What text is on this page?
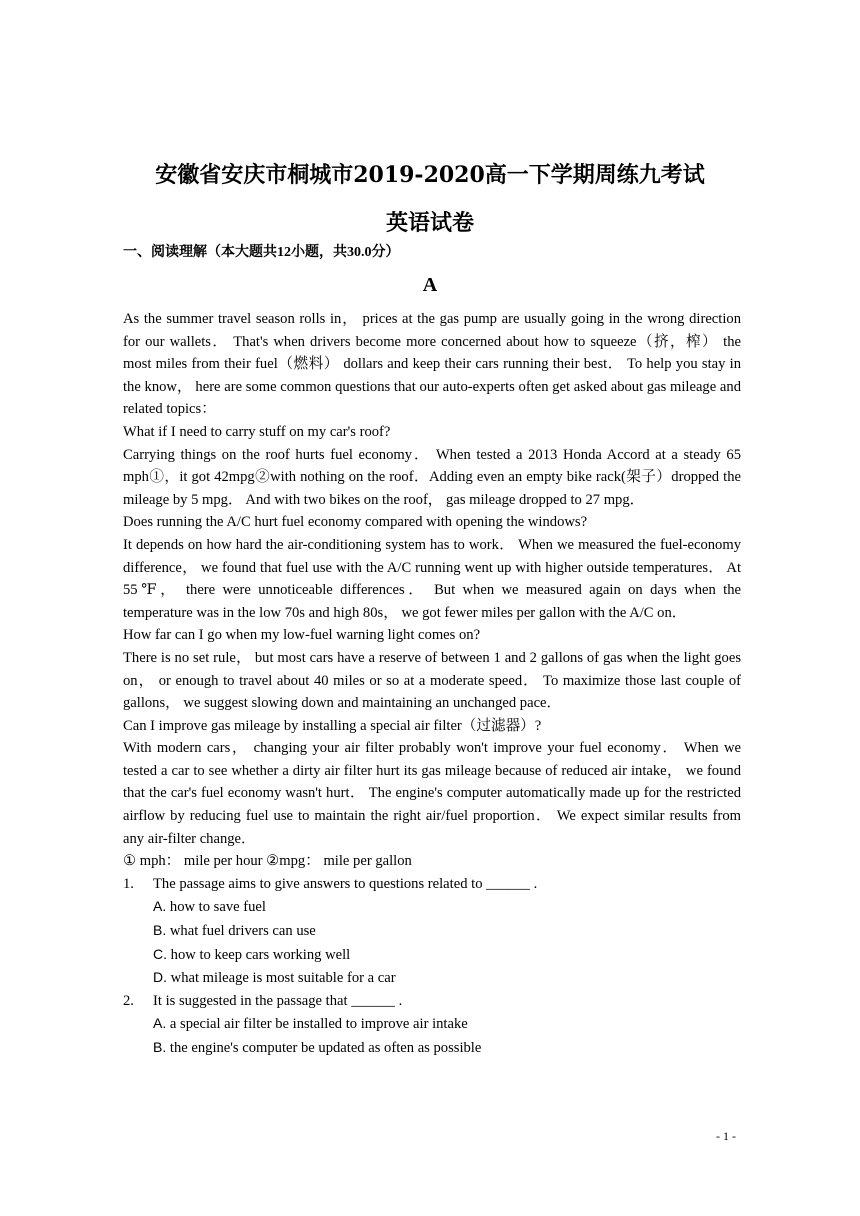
安徽省安庆市桐城市2019-2020高一下学期周练九考试
英语试卷
一、阅读理解（本大题共12小题，共30.0分）
A

As the summer travel season rolls in， prices at the gas pump are usually going in the wrong direction for our wallets． That's when drivers become more concerned about how to squeeze（挤，榨） the most miles from their fuel（燃料） dollars and keep their cars running their best． To help you stay in the know， here are some common questions that our auto-experts often get asked about gas mileage and related topics：

What if I need to carry stuff on my car's roof?

Carrying things on the roof hurts fuel economy． When tested a 2013 Honda Accord at a steady 65 mph①，it got 42mpg②with nothing on the roof．Adding even an empty bike rack(架子）dropped the mileage by 5 mpg． And with two bikes on the roof， gas mileage dropped to 27 mpg．

Does running the A/C hurt fuel economy compared with opening the windows?

It depends on how hard the air-conditioning system has to work． When we measured the fuel-economy difference， we found that fuel use with the A/C running went up with higher outside temperatures． At 55℉， there were unnoticeable differences． But when we measured again on days when the temperature was in the low 70s and high 80s， we got fewer miles per gallon with the A/C on．

How far can I go when my low-fuel warning light comes on?

There is no set rule， but most cars have a reserve of between 1 and 2 gallons of gas when the light goes on， or enough to travel about 40 miles or so at a moderate speed． To maximize those last couple of gallons， we suggest slowing down and maintaining an unchanged pace．

Can I improve gas mileage by installing a special air filter（过滤器）?

With modern cars， changing your air filter probably won't improve your fuel economy． When we tested a car to see whether a dirty air filter hurt its gas mileage because of reduced air intake， we found that the car's fuel economy wasn't hurt． The engine's computer automatically made up for the restricted airflow by reducing fuel use to maintain the right air/fuel proportion． We expect similar results from any air-filter change．

① mph： mile per hour ②mpg： mile per gallon

1. The passage aims to give answers to questions related to ______ .

A. how to save fuel

B. what fuel drivers can use

C. how to keep cars working well

D. what mileage is most suitable for a car

2. It is suggested in the passage that ______ .

A. a special air filter be installed to improve air intake

B. the engine's computer be updated as often as possible

- 1 -
